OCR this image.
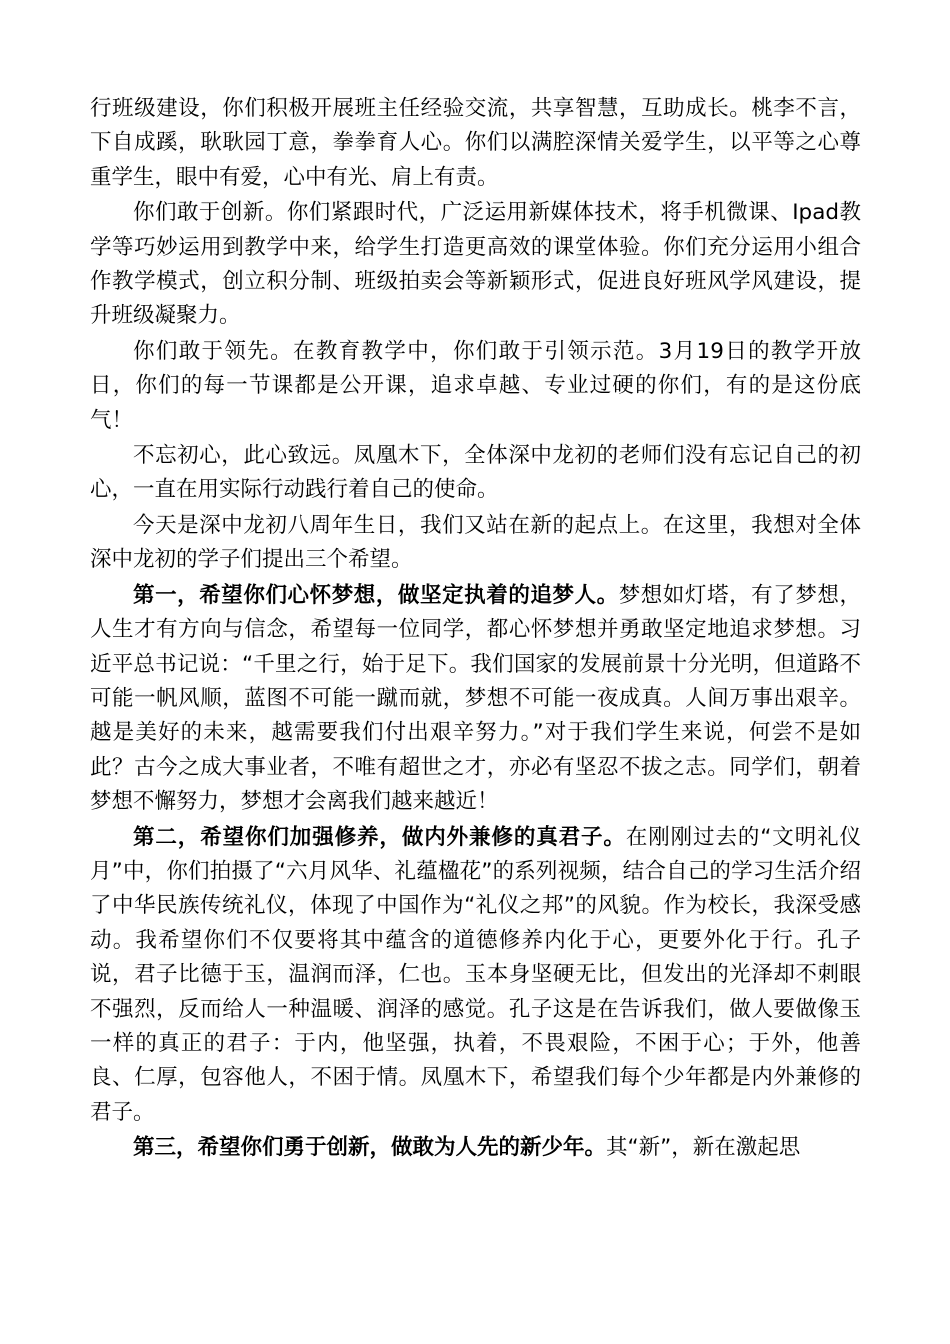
行班级建设，你们积极开展班主任经验交流，共享智慧，互助成长。桃李不言，下自成蹊，耿耿园丁意，拳拳育人心。你们以满腔深情关爱学生，以平等之心尊重学生，眼中有爱，心中有光、肩上有责。

你们敢于创新。你们紧跟时代，广泛运用新媒体技术，将手机微课、Ipad教学等巧妙运用到教学中来，给学生打造更高效的课堂体验。你们充分运用小组合作教学模式，创立积分制、班级拍卖会等新颖形式，促进良好班风学风建设，提升班级凝聚力。

你们敢于领先。在教育教学中，你们敢于引领示范。3月19日的教学开放日，你们的每一节课都是公开课，追求卓越、专业过硬的你们，有的是这份底气！

不忘初心，此心致远。凤凰木下，全体深中龙初的老师们没有忘记自己的初心，一直在用实际行动践行着自己的使命。

今天是深中龙初八周年生日，我们又站在新的起点上。在这里，我想对全体深中龙初的学子们提出三个希望。

第一，希望你们心怀梦想，做坚定执着的追梦人。梦想如灯塔，有了梦想，人生才有方向与信念，希望每一位同学，都心怀梦想并勇敢坚定地追求梦想。习近平总书记说：“千里之行，始于足下。我们国家的发展前景十分光明，但道路不可能一帆风顺，蓝图不可能一蹴而就，梦想不可能一夜成真。人间万事出艰辛。越是美好的未来，越需要我们付出艰辛努力。”对于我们学生来说，何尝不是如此？古今之成大事业者，不唯有超世之才，亦必有坚忍不拔之志。同学们，朝着梦想不懈努力，梦想才会离我们越来越近！

第二，希望你们加强修养，做内外兼修的真君子。在刚刚过去的“文明礼仪月”中，你们拍摄了“六月风华、礼蕴楹花”的系列视频，结合自己的学习生活介绍了中华民族传统礼仪，体现了中国作为“礼仪之邦”的风貌。作为校长，我深受感动。我希望你们不仅要将其中蕴含的道德修养内化于心，更要外化于行。孔子说，君子比德于玉，温润而泽，仁也。玉本身坚硬无比，但发出的光泽却不刺眼不强烈，反而给人一种温暖、润泽的感觉。孔子这是在告诉我们，做人要做像玉一样的真正的君子：于内，他坚强，执着，不畏艰险，不困于心；于外，他善良、仁厚，包容他人，不困于情。凤凰木下，希望我们每个少年都是内外兼修的君子。

第三，希望你们勇于创新，做敢为人先的新少年。其“新”，新在激起思
